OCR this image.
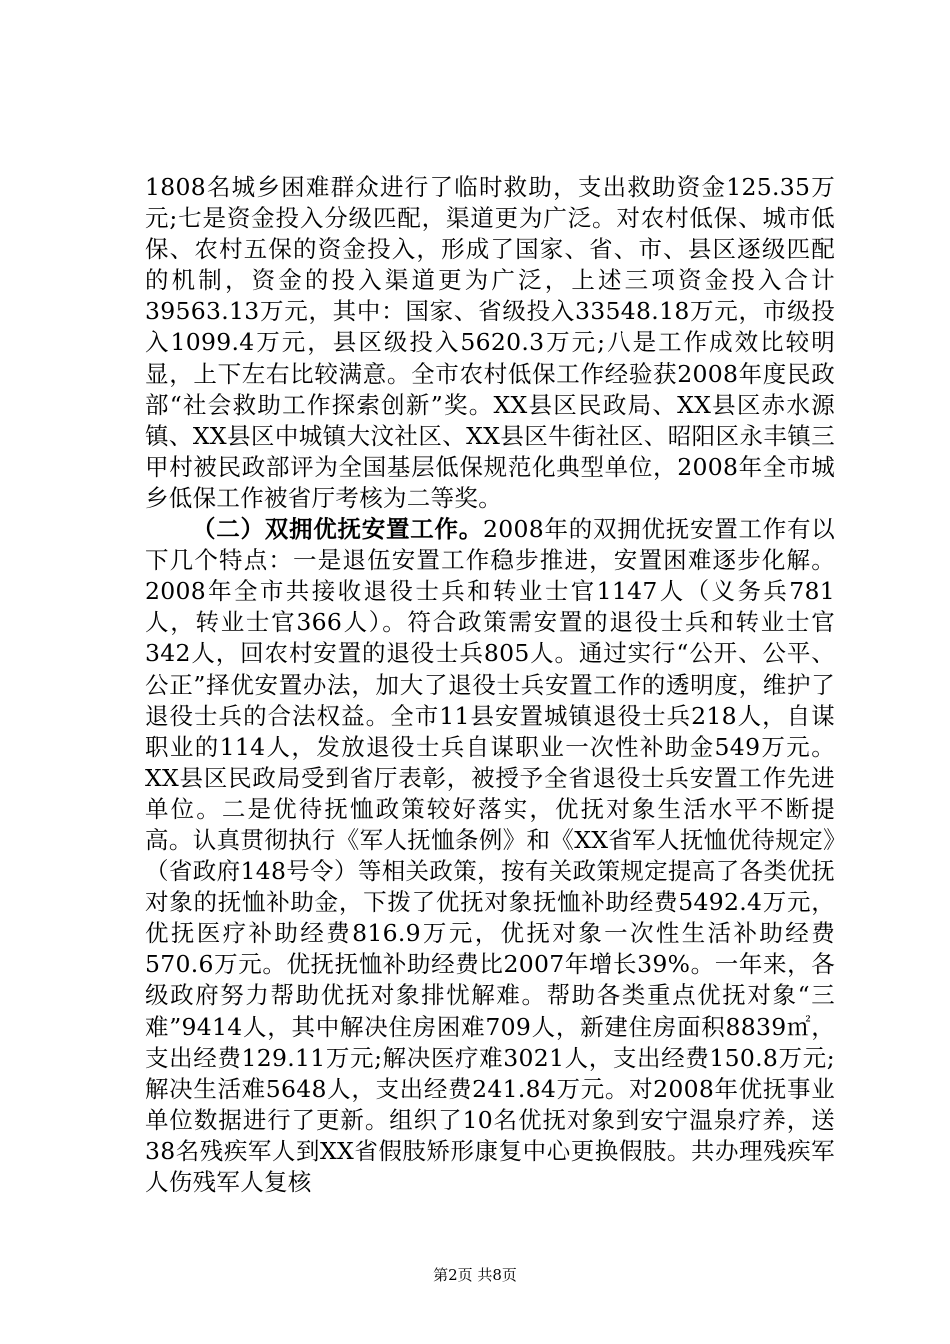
1808名城乡困难群众进行了临时救助，支出救助资金125.35万元;七是资金投入分级匹配，渠道更为广泛。对农村低保、城市低保、农村五保的资金投入，形成了国家、省、市、县区逐级匹配的机制，资金的投入渠道更为广泛，上述三项资金投入合计39563.13万元，其中：国家、省级投入33548.18万元，市级投入1099.4万元，县区级投入5620.3万元;八是工作成效比较明显，上下左右比较满意。全市农村低保工作经验获2008年度民政部“社会救助工作探索创新”奖。XX县区民政局、XX县区赤水源镇、XX县区中城镇大汶社区、XX县区牛街社区、昭阳区永丰镇三甲村被民政部评为全国基层低保规范化典型单位，2008年全市城乡低保工作被省厅考核为二等奖。

（二）双拥优抚安置工作。2008年的双拥优抚安置工作有以下几个特点：一是退伍安置工作稳步推进，安置困难逐步化解。2008年全市共接收退役士兵和转业士官1147人（义务兵781人，转业士官366人）。符合政策需安置的退役士兵和转业士官342人，回农村安置的退役士兵805人。通过实行“公开、公平、公正”择优安置办法，加大了退役士兵安置工作的透明度，维护了退役士兵的合法权益。全市11县安置城镇退役士兵218人，自谋职业的114人，发放退役士兵自谋职业一次性补助金549万元。XX县区民政局受到省厅表彰，被授予全省退役士兵安置工作先进单位。二是优待抚恤政策较好落实，优抚对象生活水平不断提高。认真贯彻执行《军人抚恤条例》和《XX省军人抚恤优待规定》（省政府148号令）等相关政策，按有关政策规定提高了各类优抚对象的抚恤补助金，下拨了优抚对象抚恤补助经费5492.4万元，优抚医疗补助经费816.9万元，优抚对象一次性生活补助经费570.6万元。优抚抚恤补助经费比2007年增长39%。一年来，各级政府努力帮助优抚对象排忧解难。帮助各类重点优抚对象“三难”9414人，其中解决住房困难709人，新建住房面积8839㎡，支出经费129.11万元;解决医疗难3021人，支出经费150.8万元;解决生活难5648人，支出经费241.84万元。对2008年优抚事业单位数据进行了更新。组织了10名优抚对象到安宁温泉疗养，送38名残疾军人到XX省假肢矫形康复中心更换假肢。共办理残疾军人伤残军人复核

第2页 共8页
